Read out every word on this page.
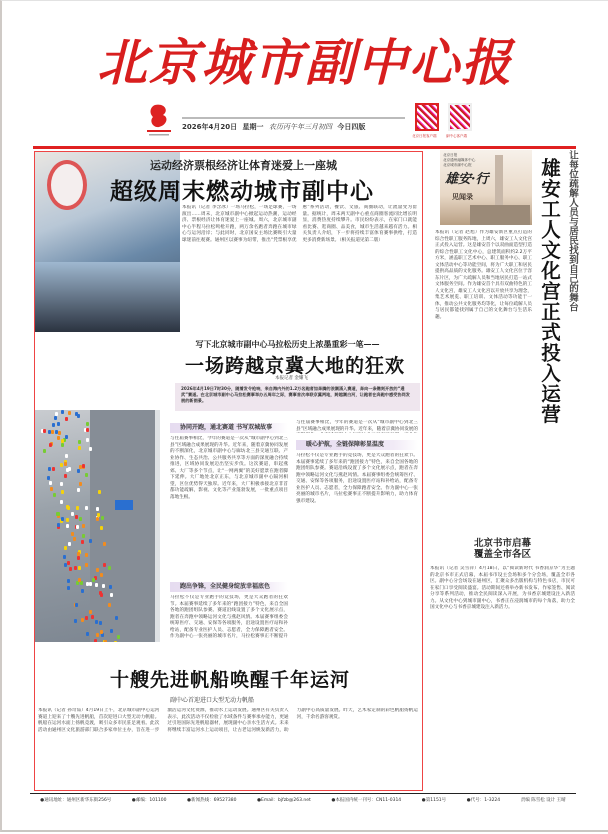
北京城市副中心报
2026年4月20日 星期一 农历丙午年三月初四 今日四版
北京日报客户端	副中心客户端
运动经济票根经济让体育迷爱上一座城
超级周末燃动城市副中心
本报讯（记者 李含冰）一场马拉松，一场足球赛，一场演出……周末，北京城市副中心掀起运动热潮，运动经济、票根经济让体育迷爱上一座城。周六，北京城市副中心半程马拉松鸣枪开跑，两万余名跑者奔跑在城市绿心与运河沿岸；与此同时，北京国安主场比赛吸引大量球迷前往观赛。通州区以赛事为纽带，推出“凭票根享优惠”系列活动，餐饮、文旅、商圈联动，让流量变为留量。据统计，周末两天副中心重点商圈客流同比增长明显，消费热度持续攀升。市民纷纷表示，在家门口就能看比赛、逛商圈、品美食，城市生活越来越有活力。相关负责人介绍，下一步将持续丰富体育赛事供给，打造更多消费新场景。（相关报道见第二版）
写下北京城市副中心马拉松历史上浓墨重彩一笔——
一场跨越京冀大地的狂欢
本报记者 金耀飞
2026年4月19日7时30分，随着发令枪响，来自海内外的1.2万名跑者如奔腾的浪潮涌入赛道，奔向一条镌刻开放的“通武”赛道。在北京城市副中心马拉松赛事举办五周年之际，赛事首次串联京冀两地，跨越潮白河，让跑者在奔跑中感受协同发展的新图景。
协同开跑，通北赛道 书写双城故事
与往届赛事相比，今年的赛道是一次从“城市副中心到北三县”区域融合成果展现的升华。近年来，随着京冀协同发展的不断深化，北京城市副中心与廊坊北三县交通互联、产业协作、生态共治、公共服务共享等方面的深度融合持续推进，区域协同发展迈出坚实步伐。这次赛道，串起燕郊、大厂等多个节点，让“一网两翼”的美好愿景在跑者脚下延伸。大厂地处北京正东，与北京城市副中心隔河相望，区位优势得天独厚。近年来，大厂积极承接北京非首都功能疏解，影视、文化等产业蓬勃发展，一批重点项目落地生根。
跑出争锋，全民健身绽放幸福底色
马拉松不仅是专业跑手的竞技场，更是大众跑者的狂欢节。本届赛事延续了多年来的“跑团接力”特色，来自全国各地的跑团组队参赛。赛道沿线设置了多个文化展示点，跑者在奔跑中领略运河文化与燕赵风情。本届赛事组委会统筹医疗、交通、安保等各项服务，沿途设置医疗站和补给站，配备专业医护人员、志愿者，全力保障跑者安全。作为副中心一张亮丽的城市名片，马拉松赛事正不断提升
与往届赛事相比，今年的赛道是一次从“城市副中心到北三县”区域融合成果展现的升华。近年来，随着京冀协同发展的
暖心护航，全链保障彰显温度
马拉松不仅是专业跑手的竞技场，更是大众跑者的狂欢节。本届赛事延续了多年来的“跑团接力”特色，来自全国各地的跑团组队参赛。赛道沿线设置了多个文化展示点，跑者在奔跑中领略运河文化与燕赵风情。本届赛事组委会统筹医疗、交通、安保等各项服务，沿途设置医疗站和补给站，配备专业医护人员、志愿者，全力保障跑者安全。作为副中心一张亮丽的城市名片，马拉松赛事正不断提升影响力，助力体育强市建设。
十艘先进帆船唤醒千年运河
副中心首迎进口大型无动力帆船
本报讯（记者 孙奇茹）4月19日上午，北京城市副中心运河赛道上迎来了十艘先进帆船，首次迎进口大型无动力帆船。帆船在运河水面上扬帆竞渡，吸引众多市民驻足观看。此次活动由通州区文化旅游部门联合多家单位主办，旨在进一步激活运河文化资源，推动水上运动发展。通州区有关负责人表示，此次活动不仅检验了水域条件与赛事承办能力，更通过引进国际先进帆船器材，展现副中心亲水生活方式。未来将继续丰富运河水上运动项目，让古老运河焕发新活力，助力副中心高质量发展。昨天，艺术家定制的彩色帆船扬帆运河，千余名游客观赏。
北京日报
北京通州融媒体中心
北京城市副中心报
雄安·行
见闻录	让每位疏解人员与居民找到自己的舞台
雄安工人文化宫正式投入运营
本报讯（记者 赵旭）作为雄安新区重点打造的综合性职工服务阵地，上周六，雄安工人文化宫正式投入运营。这是雄安首个以双曲面造型打造的综合性职工文化中心，总建筑面积约2.2万平方米，涵盖职工艺术中心、职工服务中心、职工文体活动中心等功能空间，将为广大职工和居民提供高品质的文化服务。雄安工人文化宫位于容东片区，为广大疏解人员和当地居民打造一站式文体服务空间。作为雄安首个具有双曲特色的工人文化宫，雄安工人文化宫以开放共享为理念，集艺术展览、职工培训、文体活动等功能于一体，推动公共文化服务均等化，让每位疏解人员与居民都能找到属于自己的文化舞台与生活乐趣。
北京书市启幕
覆盖全市各区
本报讯（记者 吴雪萍）4月18日，以“阅读新时代 书香润京华”为主题的北京书市正式启幕，本届书市设主会场和多个分会场，覆盖全市各区。副中心分会场设在通州区，汇聚众多出版机构与特色书店，市民可在家门口享受阅读盛宴。活动期间还将举办新书发布、作家签售、阅读分享等系列活动，推动全民阅读深入开展，为书香京城建设注入新活力。从文化中心到城市副中心，书香正在浸润城市的每个角落，助力全国文化中心与书香京城建设注入新活力。
●通讯地址：通州区新华东街256号	●邮编：101100	●新闻热线：69527380	●Email：bjfzb@263.net	●本报国内统一刊号：CN11-0314	●第1151号	●代号：1-3224	责编 陈雪松 设计 王晴
